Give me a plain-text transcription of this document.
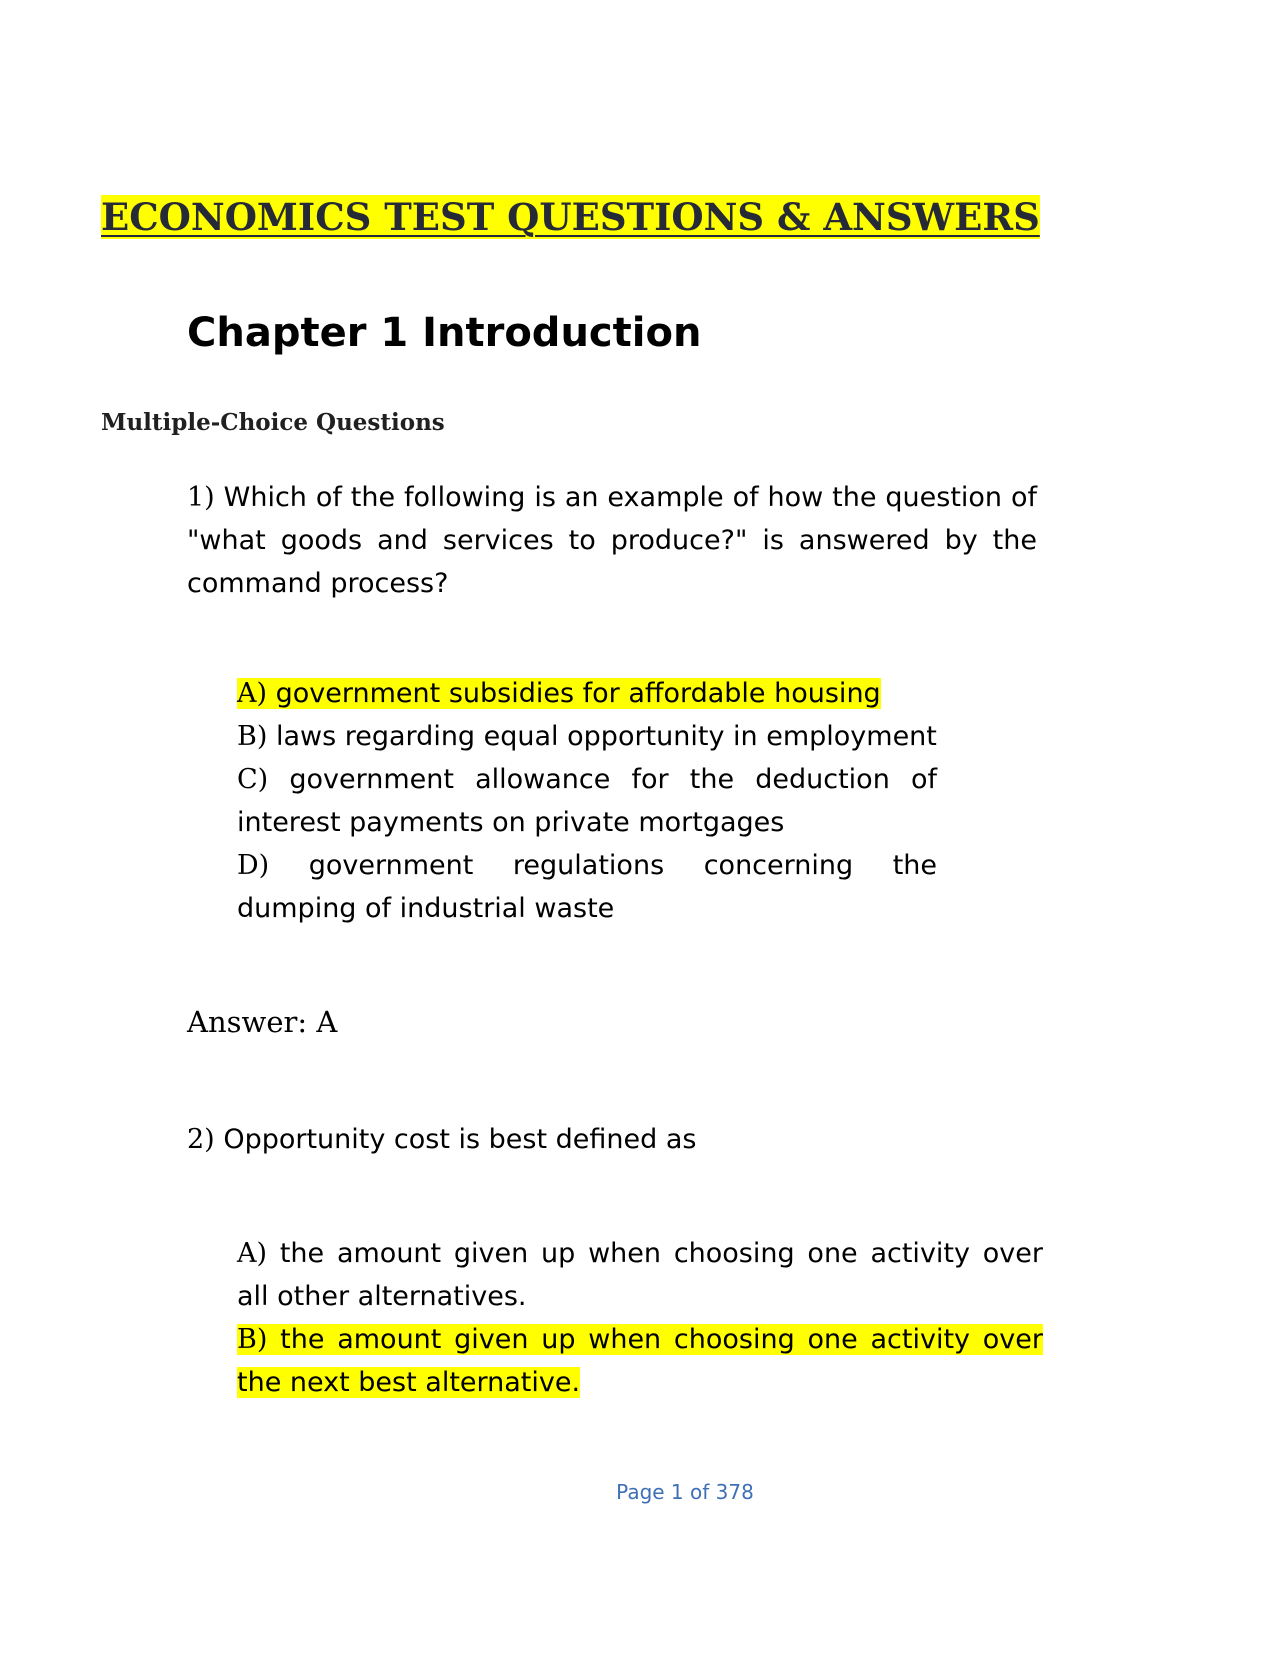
ECONOMICS TEST QUESTIONS & ANSWERS
Chapter 1 Introduction
Multiple-Choice Questions

1) Which of the following is an example of how the question of "what goods and services to produce?" is answered by the command process?

A) government subsidies for affordable housing
B) laws regarding equal opportunity in employment
C) government allowance for the deduction of interest payments on private mortgages
D) government regulations concerning the dumping of industrial waste

Answer: A

2) Opportunity cost is best defined as

A) the amount given up when choosing one activity over all other alternatives.
B) the amount given up when choosing one activity over the next best alternative.
Page 1 of 378
